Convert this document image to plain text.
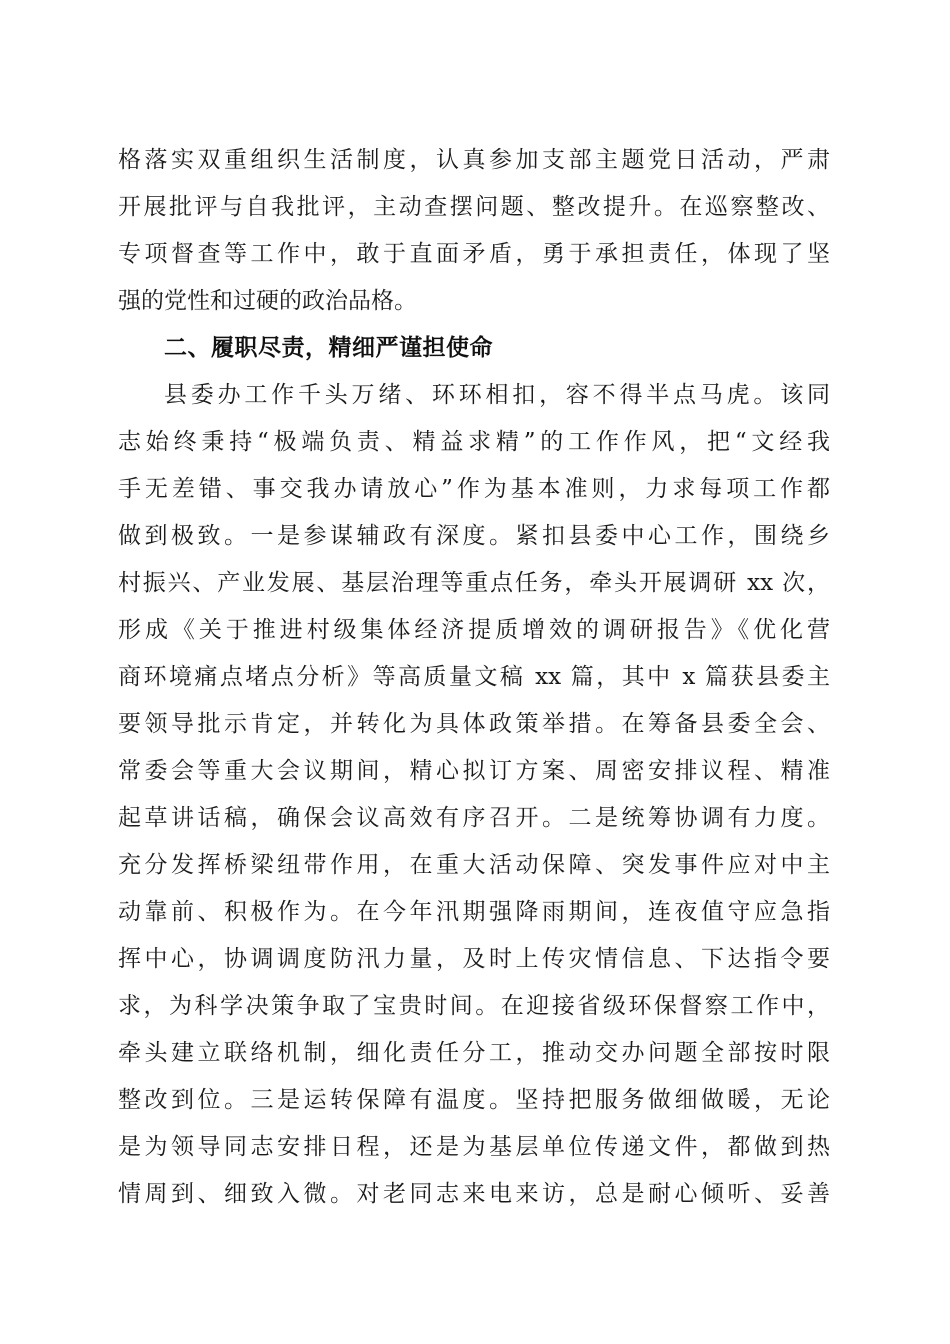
格落实双重组织生活制度，认真参加支部主题党日活动，严肃
开展批评与自我批评，主动查摆问题、整改提升。在巡察整改、
专项督查等工作中，敢于直面矛盾，勇于承担责任，体现了坚
强的党性和过硬的政治品格。
二、履职尽责，精细严谨担使命
县委办工作千头万绪、环环相扣，容不得半点马虎。该同
志始终秉持“极端负责、精益求精”的工作作风，把“文经我
手无差错、事交我办请放心”作为基本准则，力求每项工作都
做到极致。一是参谋辅政有深度。紧扣县委中心工作，围绕乡
村振兴、产业发展、基层治理等重点任务，牵头开展调研 xx 次，
形成《关于推进村级集体经济提质增效的调研报告》《优化营
商环境痛点堵点分析》等高质量文稿 xx 篇，其中 x 篇获县委主
要领导批示肯定，并转化为具体政策举措。在筹备县委全会、
常委会等重大会议期间，精心拟订方案、周密安排议程、精准
起草讲话稿，确保会议高效有序召开。二是统筹协调有力度。
充分发挥桥梁纽带作用，在重大活动保障、突发事件应对中主
动靠前、积极作为。在今年汛期强降雨期间，连夜值守应急指
挥中心，协调调度防汛力量，及时上传灾情信息、下达指令要
求，为科学决策争取了宝贵时间。在迎接省级环保督察工作中，
牵头建立联络机制，细化责任分工，推动交办问题全部按时限
整改到位。三是运转保障有温度。坚持把服务做细做暖，无论
是为领导同志安排日程，还是为基层单位传递文件，都做到热
情周到、细致入微。对老同志来电来访，总是耐心倾听、妥善
